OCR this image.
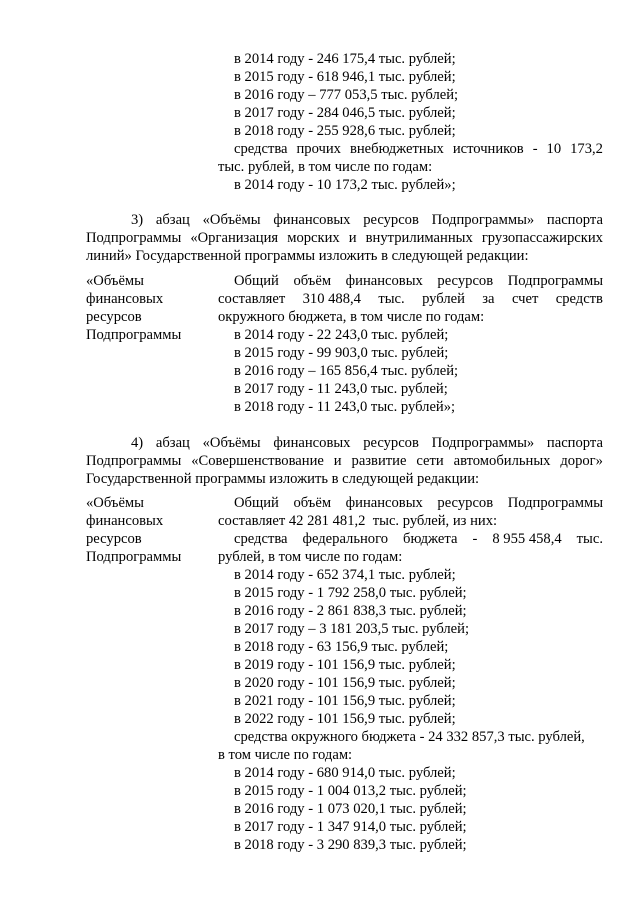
в 2014 году - 246 175,4 тыс. рублей;
в 2015 году - 618 946,1 тыс. рублей;
в 2016 году – 777 053,5 тыс. рублей;
в 2017 году - 284 046,5 тыс. рублей;
в 2018 году - 255 928,6 тыс. рублей;
средства прочих внебюджетных источников - 10 173,2
тыс. рублей, в том числе по годам:
в 2014 году - 10 173,2 тыс. рублей»;
3) абзац «Объёмы финансовых ресурсов Подпрограммы» паспорта
Подпрограммы «Организация морских и внутрилиманных грузопассажирских
линий» Государственной программы изложить в следующей редакции:
«Объёмы
финансовых
ресурсов
Подпрограммы
Общий объём финансовых ресурсов Подпрограммы
составляет 310 488,4 тыс. рублей за счет средств
окружного бюджета, в том числе по годам:
в 2014 году - 22 243,0 тыс. рублей;
в 2015 году - 99 903,0 тыс. рублей;
в 2016 году – 165 856,4 тыс. рублей;
в 2017 году - 11 243,0 тыс. рублей;
в 2018 году - 11 243,0 тыс. рублей»;
4) абзац «Объёмы финансовых ресурсов Подпрограммы» паспорта
Подпрограммы «Совершенствование и развитие сети автомобильных дорог»
Государственной программы изложить в следующей редакции:
«Объёмы
финансовых
ресурсов
Подпрограммы
Общий объём финансовых ресурсов Подпрограммы
составляет 42 281 481,2  тыс. рублей, из них:
средства федерального бюджета - 8 955 458,4 тыс.
рублей, в том числе по годам:
в 2014 году - 652 374,1 тыс. рублей;
в 2015 году - 1 792 258,0 тыс. рублей;
в 2016 году - 2 861 838,3 тыс. рублей;
в 2017 году – 3 181 203,5 тыс. рублей;
в 2018 году - 63 156,9 тыс. рублей;
в 2019 году - 101 156,9 тыс. рублей;
в 2020 году - 101 156,9 тыс. рублей;
в 2021 году - 101 156,9 тыс. рублей;
в 2022 году - 101 156,9 тыс. рублей;
средства окружного бюджета - 24 332 857,3 тыс. рублей,
в том числе по годам:
в 2014 году - 680 914,0 тыс. рублей;
в 2015 году - 1 004 013,2 тыс. рублей;
в 2016 году - 1 073 020,1 тыс. рублей;
в 2017 году - 1 347 914,0 тыс. рублей;
в 2018 году - 3 290 839,3 тыс. рублей;
